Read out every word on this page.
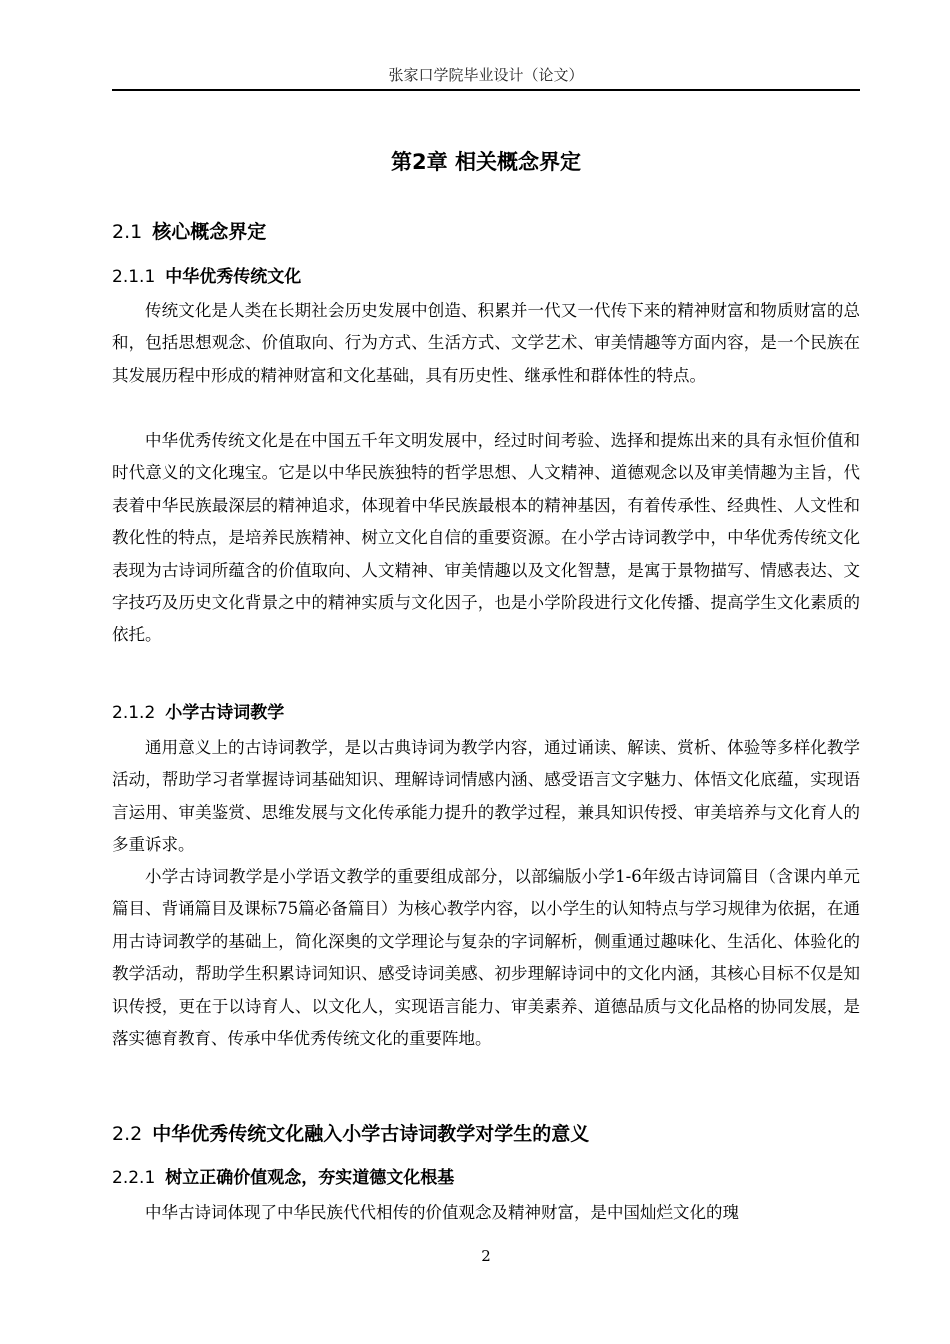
张家口学院毕业设计（论文）
第2章 相关概念界定
2.1 核心概念界定
2.1.1 中华优秀传统文化

传统文化是人类在长期社会历史发展中创造、积累并一代又一代传下来的精神财富和物质财富的总和，包括思想观念、价值取向、行为方式、生活方式、文学艺术、审美情趣等方面内容，是一个民族在其发展历程中形成的精神财富和文化基础，具有历史性、继承性和群体性的特点。

中华优秀传统文化是在中国五千年文明发展中，经过时间考验、选择和提炼出来的具有永恒价值和时代意义的文化瑰宝。它是以中华民族独特的哲学思想、人文精神、道德观念以及审美情趣为主旨，代表着中华民族最深层的精神追求，体现着中华民族最根本的精神基因，有着传承性、经典性、人文性和教化性的特点，是培养民族精神、树立文化自信的重要资源。在小学古诗词教学中，中华优秀传统文化表现为古诗词所蕴含的价值取向、人文精神、审美情趣以及文化智慧，是寓于景物描写、情感表达、文字技巧及历史文化背景之中的精神实质与文化因子，也是小学阶段进行文化传播、提高学生文化素质的依托。

2.1.2 小学古诗词教学

通用意义上的古诗词教学，是以古典诗词为教学内容，通过诵读、解读、赏析、体验等多样化教学活动，帮助学习者掌握诗词基础知识、理解诗词情感内涵、感受语言文字魅力、体悟文化底蕴，实现语言运用、审美鉴赏、思维发展与文化传承能力提升的教学过程，兼具知识传授、审美培养与文化育人的多重诉求。

小学古诗词教学是小学语文教学的重要组成部分，以部编版小学1-6年级古诗词篇目（含课内单元篇目、背诵篇目及课标75篇必备篇目）为核心教学内容，以小学生的认知特点与学习规律为依据，在通用古诗词教学的基础上，简化深奥的文学理论与复杂的字词解析，侧重通过趣味化、生活化、体验化的教学活动，帮助学生积累诗词知识、感受诗词美感、初步理解诗词中的文化内涵，其核心目标不仅是知识传授，更在于以诗育人、以文化人，实现语言能力、审美素养、道德品质与文化品格的协同发展，是落实德育教育、传承中华优秀传统文化的重要阵地。

2.2 中华优秀传统文化融入小学古诗词教学对学生的意义
2.2.1 树立正确价值观念，夯实道德文化根基

中华古诗词体现了中华民族代代相传的价值观念及精神财富，是中国灿烂文化的瑰

2
